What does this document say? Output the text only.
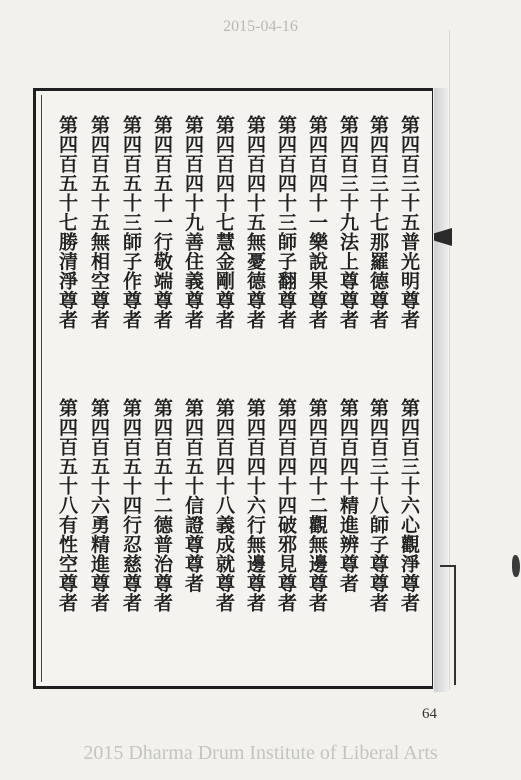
2015-04-16
第四百三十五普光明尊者
第四百三十七那羅德尊者
第四百三十九法上尊尊者
第四百四十一樂說果尊者
第四百四十三師子翻尊者
第四百四十五無憂德尊者
第四百四十七慧金剛尊者
第四百四十九善住義尊者
第四百五十一行敬端尊者
第四百五十三師子作尊者
第四百五十五無相空尊者
第四百五十七勝清淨尊者
第四百三十六心觀淨尊者
第四百三十八師子尊尊者
第四百四十精進辨尊者
第四百四十二觀無邊尊者
第四百四十四破邪見尊者
第四百四十六行無邊尊者
第四百四十八義成就尊者
第四百五十信證尊尊者
第四百五十二德普治尊者
第四百五十四行忍慈尊者
第四百五十六勇精進尊者
第四百五十八有性空尊者
64
2015 Dharma Drum Institute of Liberal Arts
